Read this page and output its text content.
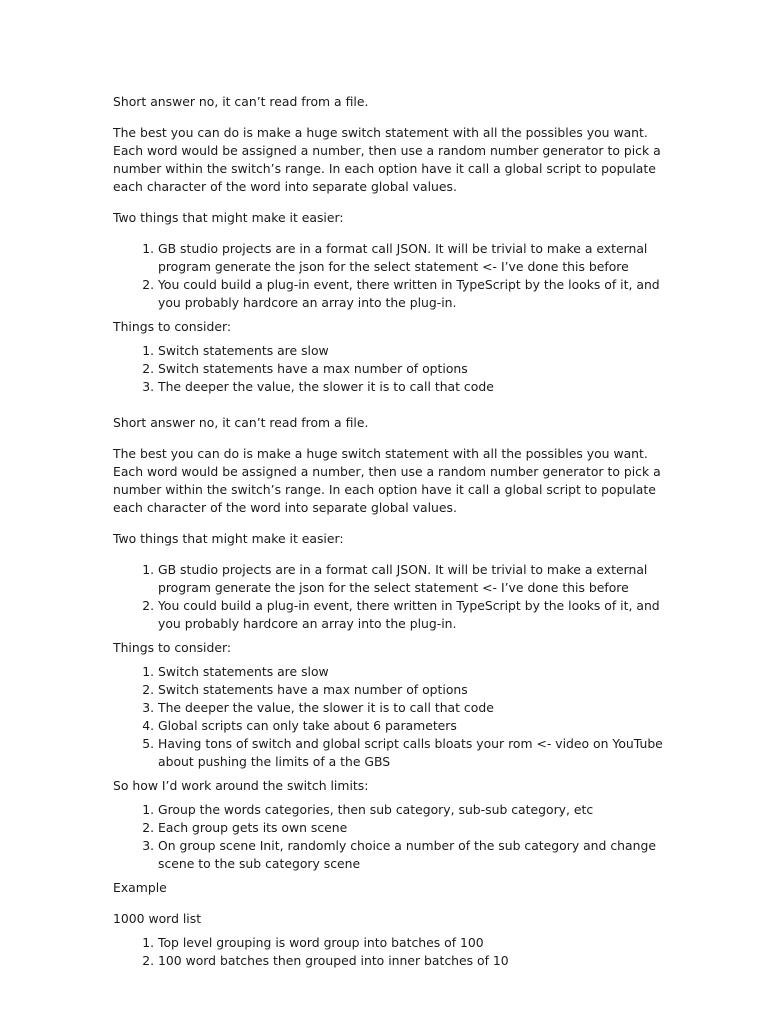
Short answer no, it can’t read from a file.

The best you can do is make a huge switch statement with all the possibles you want. Each word would be assigned a number, then use a random number generator to pick a number within the switch’s range. In each option have it call a global script to populate each character of the word into separate global values.

Two things that might make it easier:

1. GB studio projects are in a format call JSON. It will be trivial to make a external program generate the json for the select statement <- I’ve done this before
2. You could build a plug-in event, there written in TypeScript by the looks of it, and you probably hardcore an array into the plug-in.

Things to consider:

1. Switch statements are slow
2. Switch statements have a max number of options
3. The deeper the value, the slower it is to call that code

Short answer no, it can’t read from a file.

The best you can do is make a huge switch statement with all the possibles you want. Each word would be assigned a number, then use a random number generator to pick a number within the switch’s range. In each option have it call a global script to populate each character of the word into separate global values.

Two things that might make it easier:

1. GB studio projects are in a format call JSON. It will be trivial to make a external program generate the json for the select statement <- I’ve done this before
2. You could build a plug-in event, there written in TypeScript by the looks of it, and you probably hardcore an array into the plug-in.

Things to consider:

1. Switch statements are slow
2. Switch statements have a max number of options
3. The deeper the value, the slower it is to call that code
4. Global scripts can only take about 6 parameters
5. Having tons of switch and global script calls bloats your rom <- video on YouTube about pushing the limits of a the GBS

So how I’d work around the switch limits:

1. Group the words categories, then sub category, sub-sub category, etc
2. Each group gets its own scene
3. On group scene Init, randomly choice a number of the sub category and change scene to the sub category scene

Example

1000 word list

1. Top level grouping is word group into batches of 100
2. 100 word batches then grouped into inner batches of 10
